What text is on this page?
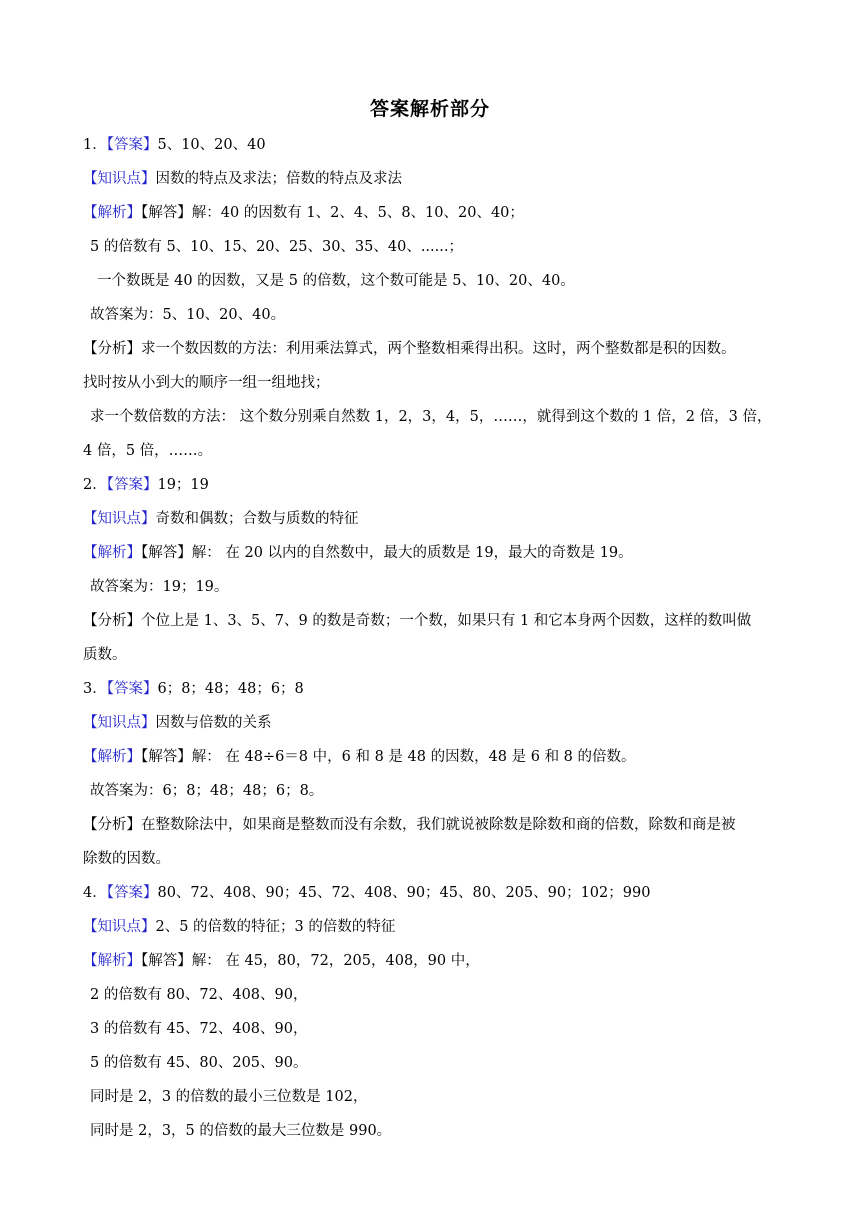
答案解析部分
1．【答案】5、10、20、40
【知识点】因数的特点及求法；倍数的特点及求法
【解析】【解答】解：40 的因数有 1、2、4、5、8、10、20、40；
5 的倍数有 5、10、15、20、25、30、35、40、......；
一个数既是 40 的因数，又是 5 的倍数，这个数可能是 5、10、20、40。
故答案为：5、10、20、40。
【分析】求一个数因数的方法：利用乘法算式，两个整数相乘得出积。这时，两个整数都是积的因数。
找时按从小到大的顺序一组一组地找；
求一个数倍数的方法： 这个数分别乘自然数 1，2，3，4，5，……，就得到这个数的 1 倍，2 倍，3 倍，
4 倍，5 倍，……。
2．【答案】19；19
【知识点】奇数和偶数；合数与质数的特征
【解析】【解答】解： 在 20 以内的自然数中，最大的质数是 19，最大的奇数是 19。
故答案为：19；19。
【分析】个位上是 1、3、5、7、9 的数是奇数；一个数，如果只有 1 和它本身两个因数，这样的数叫做
质数。
3．【答案】6；8；48；48；6；8
【知识点】因数与倍数的关系
【解析】【解答】解： 在 48÷6＝8 中，6 和 8 是 48 的因数，48 是 6 和 8 的倍数。
故答案为：6；8；48；48；6；8。
【分析】在整数除法中，如果商是整数而没有余数，我们就说被除数是除数和商的倍数，除数和商是被
除数的因数。
4．【答案】80、72、408、90；45、72、408、90；45、80、205、90；102；990
【知识点】2、5 的倍数的特征；3 的倍数的特征
【解析】【解答】解： 在 45，80，72，205，408，90 中，
2 的倍数有 80、72、408、90，
3 的倍数有 45、72、408、90，
5 的倍数有 45、80、205、90。
同时是 2，3 的倍数的最小三位数是 102，
同时是 2，3，5 的倍数的最大三位数是 990。
